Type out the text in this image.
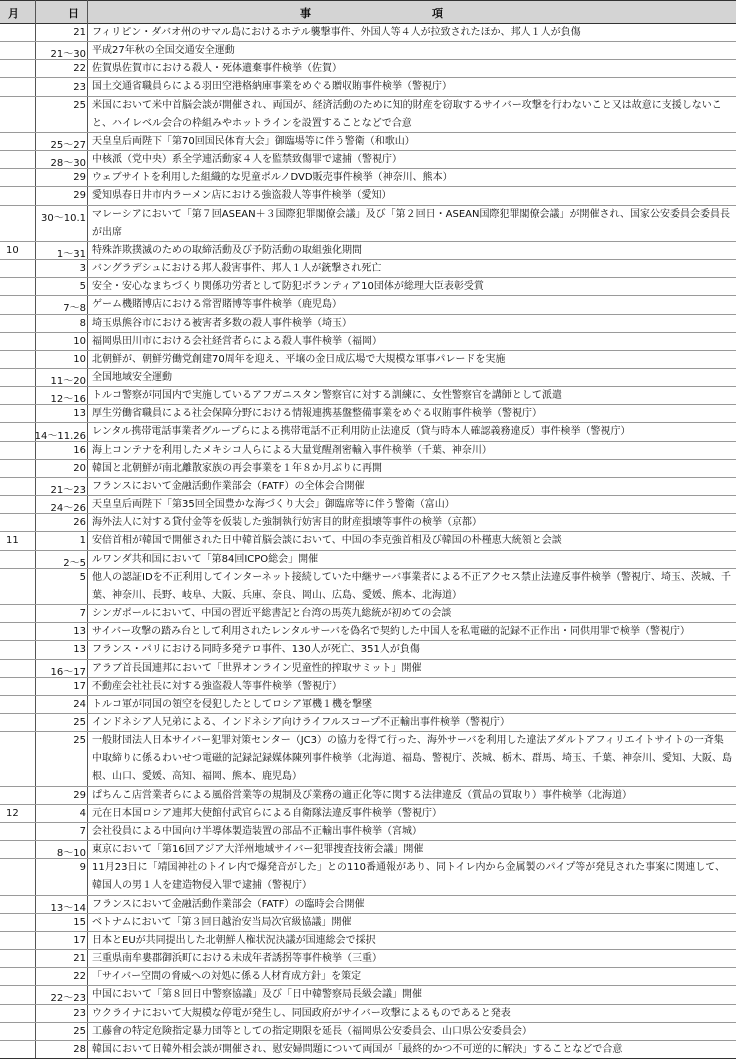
月	日	事　　　　　　　　　　　項
21 フィリピン・ダバオ州のサマル島におけるホテル襲撃事件、外国人等４人が拉致されたほか、邦人１人が負傷
21～30 平成27年秋の全国交通安全運動
22 佐賀県佐賀市における殺人・死体遺棄事件検挙（佐賀）
23 国土交通省職員らによる羽田空港格納庫事業をめぐる贈収賄事件検挙（警視庁）
25 米国において米中首脳会談が開催され、両国が、経済活動のために知的財産を窃取するサイバー攻撃を行わないこと又は故意に支援しないこと、ハイレベル会合の枠組みやホットラインを設置することなどで合意
25～27 天皇皇后両陛下「第70回国民体育大会」御臨場等に伴う警衛（和歌山）
28～30 中核派（党中央）系全学連活動家４人を監禁致傷罪で逮捕（警視庁）
29 ウェブサイトを利用した組織的な児童ポルノDVD販売事件検挙（神奈川、熊本）
29 愛知県春日井市内ラーメン店における強盗殺人等事件検挙（愛知）
30～10.1 マレーシアにおいて「第７回ASEAN＋３国際犯罪閣僚会議」及び「第２回日・ASEAN国際犯罪閣僚会議」が開催され、国家公安委員会委員長が出席
10	1～31 特殊詐欺撲滅のための取締活動及び予防活動の取組強化期間
3 バングラデシュにおける邦人殺害事件、邦人１人が銃撃され死亡
5 安全・安心なまちづくり関係功労者として防犯ボランティア10団体が総理大臣表彰受賞
7～8 ゲーム機賭博店における常習賭博等事件検挙（鹿児島）
8 埼玉県熊谷市における被害者多数の殺人事件検挙（埼玉）
10 福岡県田川市における会社経営者らによる殺人事件検挙（福岡）
10 北朝鮮が、朝鮮労働党創建70周年を迎え、平壌の金日成広場で大規模な軍事パレードを実施
11～20 全国地域安全運動
12～16 トルコ警察が同国内で実施しているアフガニスタン警察官に対する訓練に、女性警察官を講師として派遣
13 厚生労働省職員による社会保障分野における情報連携基盤整備事業をめぐる収賄事件検挙（警視庁）
14～11.26 レンタル携帯電話事業者グループらによる携帯電話不正利用防止法違反（貸与時本人確認義務違反）事件検挙（警視庁）
16 海上コンテナを利用したメキシコ人らによる大量覚醒剤密輸入事件検挙（千葉、神奈川）
20 韓国と北朝鮮が南北離散家族の再会事業を１年８か月ぶりに再開
21～23 フランスにおいて金融活動作業部会（FATF）の全体会合開催
24～26 天皇皇后両陛下「第35回全国豊かな海づくり大会」御臨席等に伴う警衛（富山）
26 海外法人に対する貸付金等を仮装した強制執行妨害目的財産損壊等事件の検挙（京都）
11	1 安倍首相が韓国で開催された日中韓首脳会談において、中国の李克強首相及び韓国の朴槿恵大統領と会談
2～5 ルワンダ共和国において「第84回ICPO総会」開催
5 他人の認証IDを不正利用してインターネット接続していた中継サーバ事業者による不正アクセス禁止法違反事件検挙（警視庁、埼玉、茨城、千葉、神奈川、長野、岐阜、大阪、兵庫、奈良、岡山、広島、愛媛、熊本、北海道）
7 シンガポールにおいて、中国の習近平総書記と台湾の馬英九総統が初めての会談
13 サイバー攻撃の踏み台として利用されたレンタルサーバを偽名で契約した中国人を私電磁的記録不正作出・同供用罪で検挙（警視庁）
13 フランス・パリにおける同時多発テロ事件、130人が死亡、351人が負傷
16～17 アラブ首長国連邦において「世界オンライン児童性的搾取サミット」開催
17 不動産会社社長に対する強盗殺人等事件検挙（警視庁）
24 トルコ軍が同国の領空を侵犯したとしてロシア軍機１機を撃墜
25 インドネシア人兄弟による、インドネシア向けライフルスコープ不正輸出事件検挙（警視庁）
25 一般財団法人日本サイバー犯罪対策センター（JC3）の協力を得て行った、海外サーバを利用した違法アダルトアフィリエイトサイトの一斉集中取締りに係るわいせつ電磁的記録記録媒体陳列事件検挙（北海道、福島、警視庁、茨城、栃木、群馬、埼玉、千葉、神奈川、愛知、大阪、島根、山口、愛媛、高知、福岡、熊本、鹿児島）
29 ぱちんこ店営業者らによる風俗営業等の規制及び業務の適正化等に関する法律違反（賞品の買取り）事件検挙（北海道）
12	4 元在日本国ロシア連邦大使館付武官らによる自衛隊法違反事件検挙（警視庁）
7 会社役員による中国向け半導体製造装置の部品不正輸出事件検挙（宮城）
8～10 東京において「第16回アジア大洋州地域サイバー犯罪捜査技術会議」開催
9 11月23日に「靖国神社のトイレ内で爆発音がした」との110番通報があり、同トイレ内から金属製のパイプ等が発見された事案に関連して、韓国人の男１人を建造物侵入罪で逮捕（警視庁）
13～14 フランスにおいて金融活動作業部会（FATF）の臨時会合開催
15 ベトナムにおいて「第３回日越治安当局次官級協議」開催
17 日本とEUが共同提出した北朝鮮人権状況決議が国連総会で採択
21 三重県南牟婁郡御浜町における未成年者誘拐等事件検挙（三重）
22 「サイバー空間の脅威への対処に係る人材育成方針」を策定
22～23 中国において「第８回日中警察協議」及び「日中韓警察局長級会議」開催
23 ウクライナにおいて大規模な停電が発生し、同国政府がサイバー攻撃によるものであると発表
25 工藤會の特定危険指定暴力団等としての指定期限を延長（福岡県公安委員会、山口県公安委員会）
28 韓国において日韓外相会談が開催され、慰安婦問題について両国が「最終的かつ不可逆的に解決」することなどで合意
